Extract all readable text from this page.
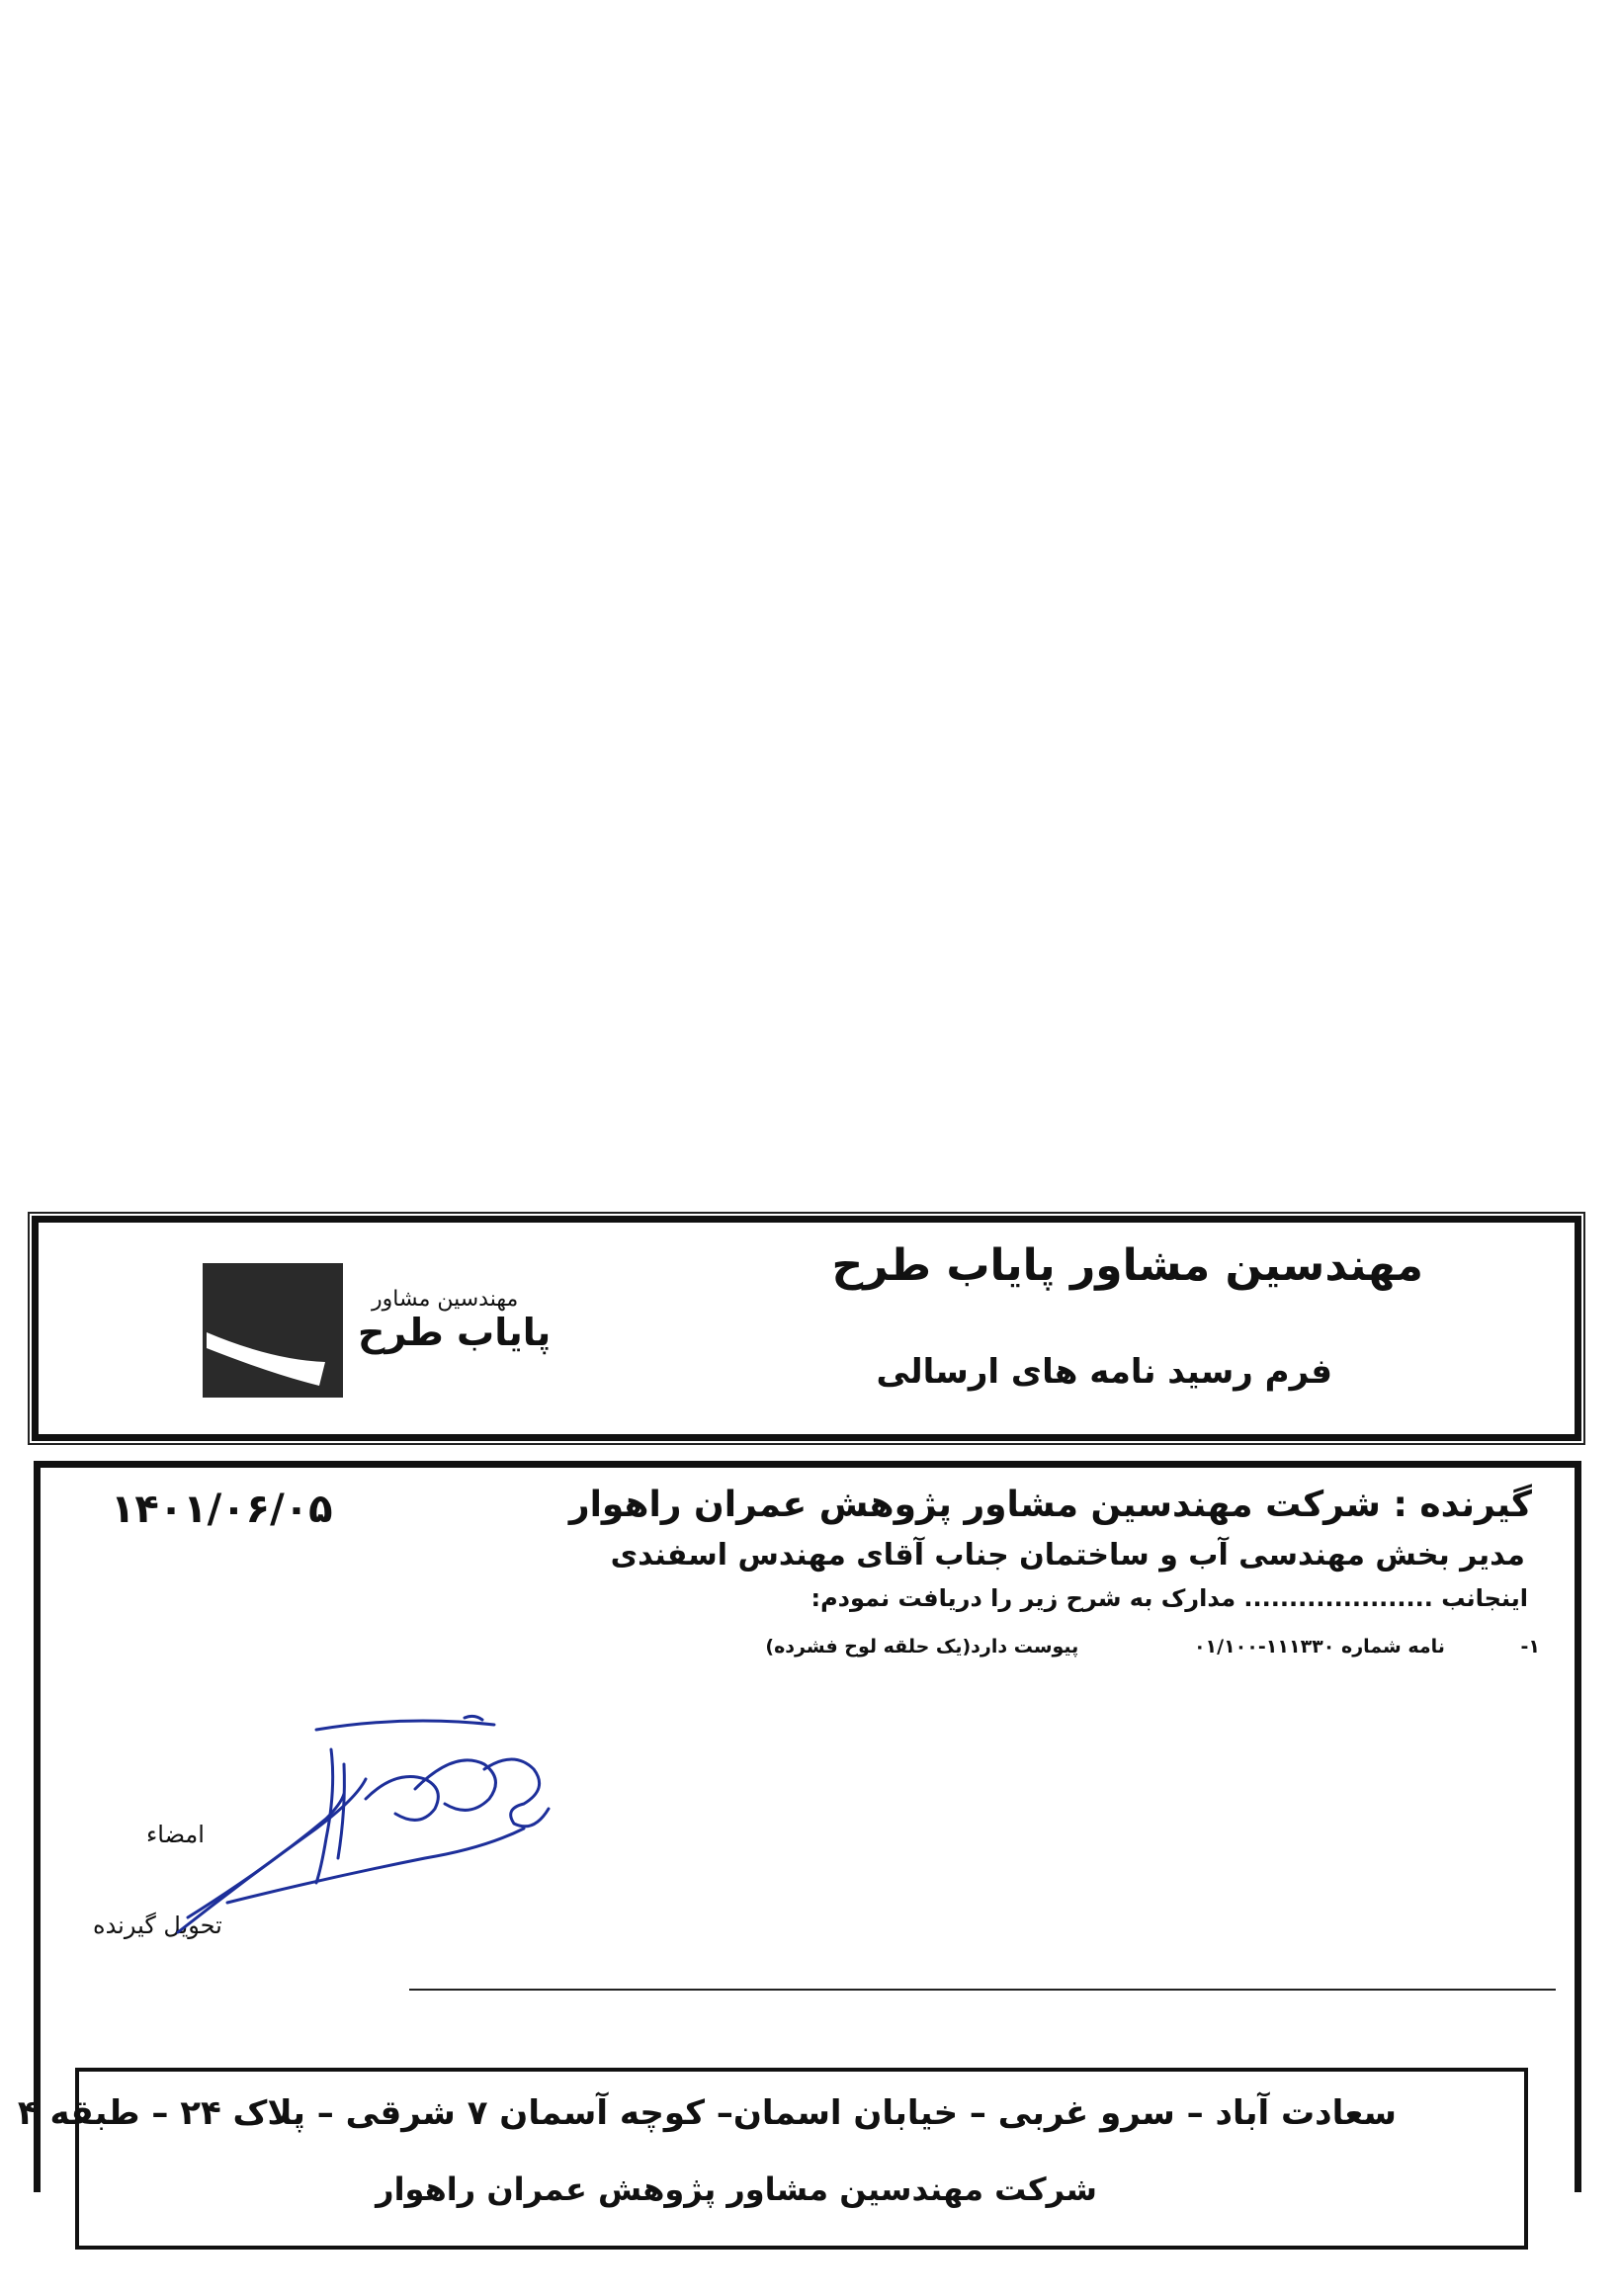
مهندسین مشاور پایاب طرح
فرم رسید نامه های ارسالی
مهندسین مشاور
پایاب طرح
۱۴۰۱/۰۶/۰۵	گیرنده : شرکت مهندسین مشاور پژوهش عمران راهوار
مدیر بخش مهندسی آب و ساختمان جناب آقای مهندس اسفندی
اینجانب ..................... مدارک به شرح زیر را دریافت نمودم:
۱- نامه شماره ۱۱۱۳۳۰-۰۱/۱۰۰ پیوست دارد(یک حلقه لوح فشرده)
امضاء
تحویل گیرنده
سعادت آباد – سرو غربی – خیابان اسمان– کوچه آسمان ۷ شرقی – پلاک ۲۴ – طبقه ۴
شرکت مهندسین مشاور پژوهش عمران راهوار
